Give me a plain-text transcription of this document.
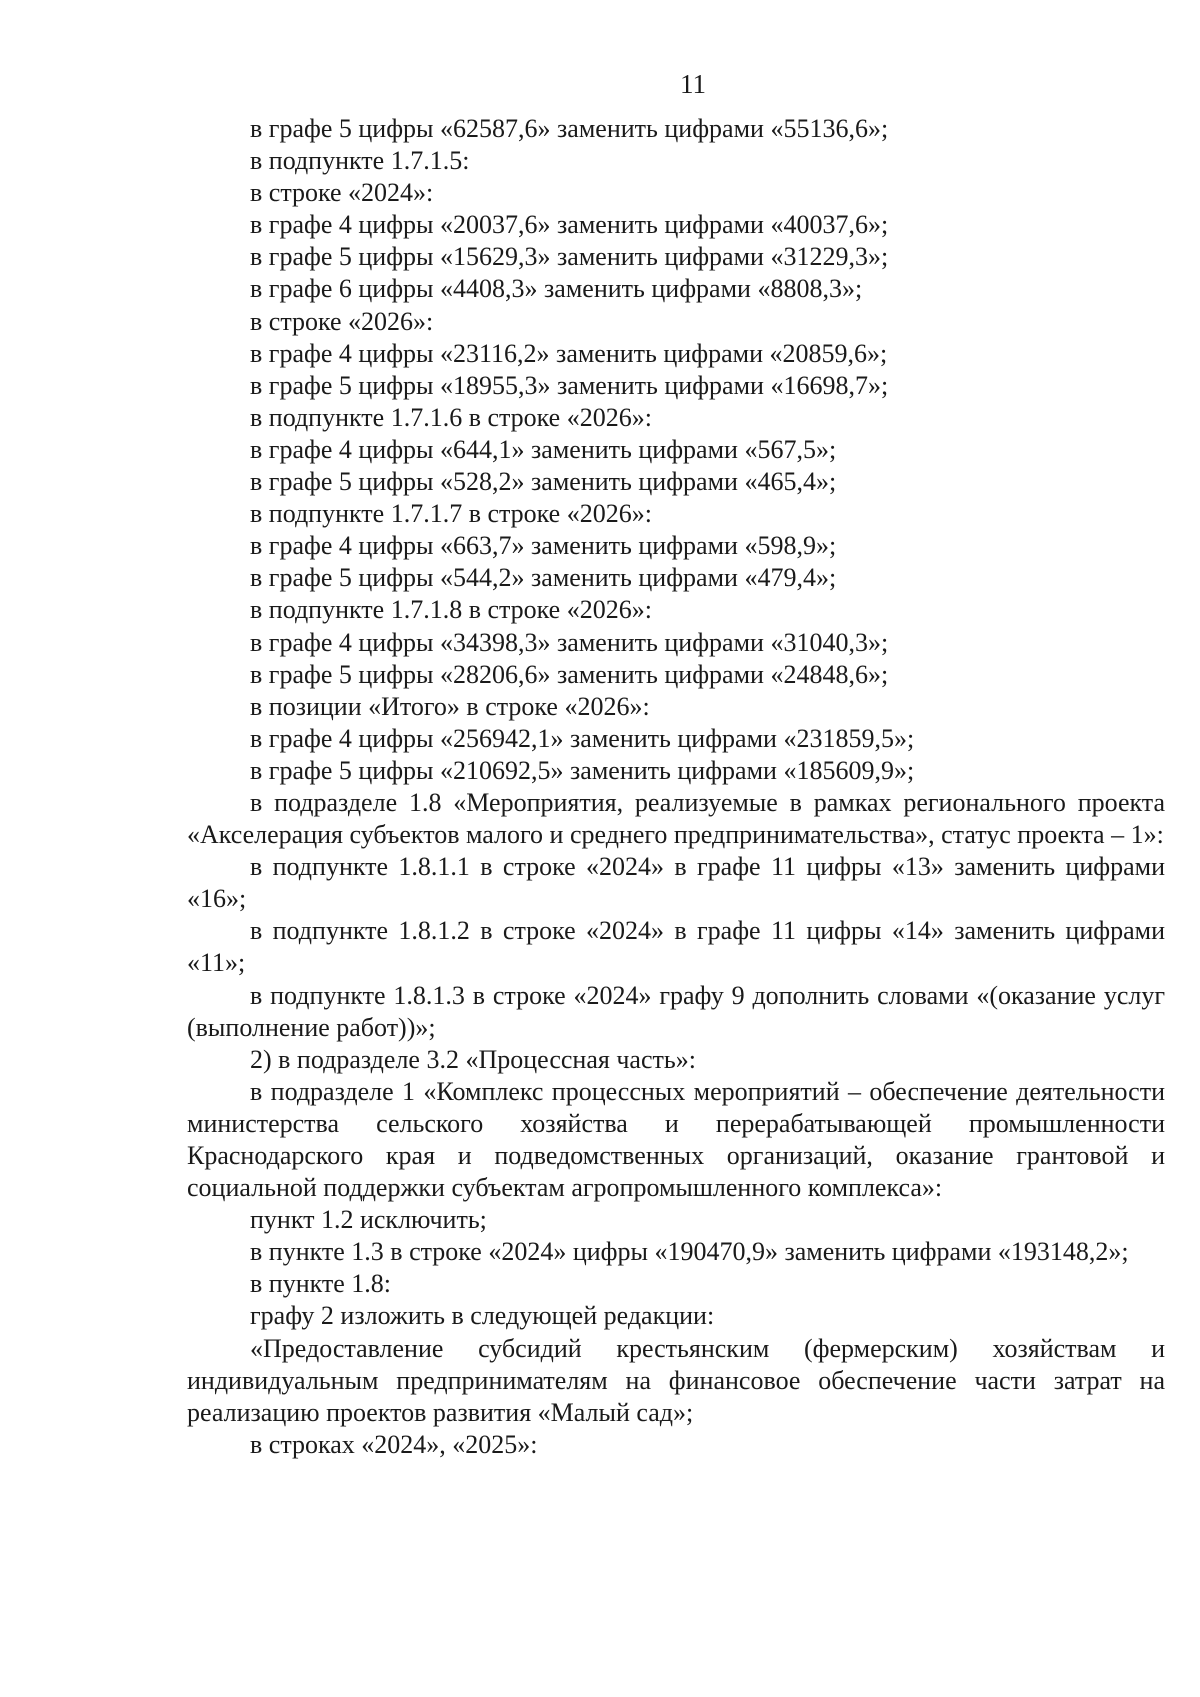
11
в графе 5 цифры «62587,6» заменить цифрами «55136,6»;
в подпункте 1.7.1.5:
в строке «2024»:
в графе 4 цифры «20037,6» заменить цифрами «40037,6»;
в графе 5 цифры «15629,3» заменить цифрами «31229,3»;
в графе 6 цифры «4408,3» заменить цифрами «8808,3»;
в строке «2026»:
в графе 4 цифры «23116,2» заменить цифрами «20859,6»;
в графе 5 цифры «18955,3» заменить цифрами «16698,7»;
в подпункте 1.7.1.6 в строке «2026»:
в графе 4 цифры «644,1» заменить цифрами «567,5»;
в графе 5 цифры «528,2» заменить цифрами «465,4»;
в подпункте 1.7.1.7 в строке «2026»:
в графе 4 цифры «663,7» заменить цифрами «598,9»;
в графе 5 цифры «544,2» заменить цифрами «479,4»;
в подпункте 1.7.1.8 в строке «2026»:
в графе 4 цифры «34398,3» заменить цифрами «31040,3»;
в графе 5 цифры «28206,6» заменить цифрами «24848,6»;
в позиции «Итого» в строке «2026»:
в графе 4 цифры «256942,1» заменить цифрами «231859,5»;
в графе 5 цифры «210692,5» заменить цифрами «185609,9»;
в подразделе 1.8 «Мероприятия, реализуемые в рамках регионального проекта «Акселерация субъектов малого и среднего предпринимательства», статус проекта – 1»:
в подпункте 1.8.1.1 в строке «2024» в графе 11 цифры «13» заменить цифрами «16»;
в подпункте 1.8.1.2 в строке «2024» в графе 11 цифры «14» заменить цифрами «11»;
в подпункте 1.8.1.3 в строке «2024» графу 9 дополнить словами «(оказание услуг (выполнение работ))»;
2) в подразделе 3.2 «Процессная часть»:
в подразделе 1 «Комплекс процессных мероприятий – обеспечение деятельности министерства сельского хозяйства и перерабатывающей промышленности Краснодарского края и подведомственных организаций, оказание грантовой и социальной поддержки субъектам агропромышленного комплекса»:
пункт 1.2 исключить;
в пункте 1.3 в строке «2024» цифры «190470,9» заменить цифрами «193148,2»;
в пункте 1.8:
графу 2 изложить в следующей редакции:
«Предоставление субсидий крестьянским (фермерским) хозяйствам и индивидуальным предпринимателям на финансовое обеспечение части затрат на реализацию проектов развития «Малый сад»;
в строках «2024», «2025»:
